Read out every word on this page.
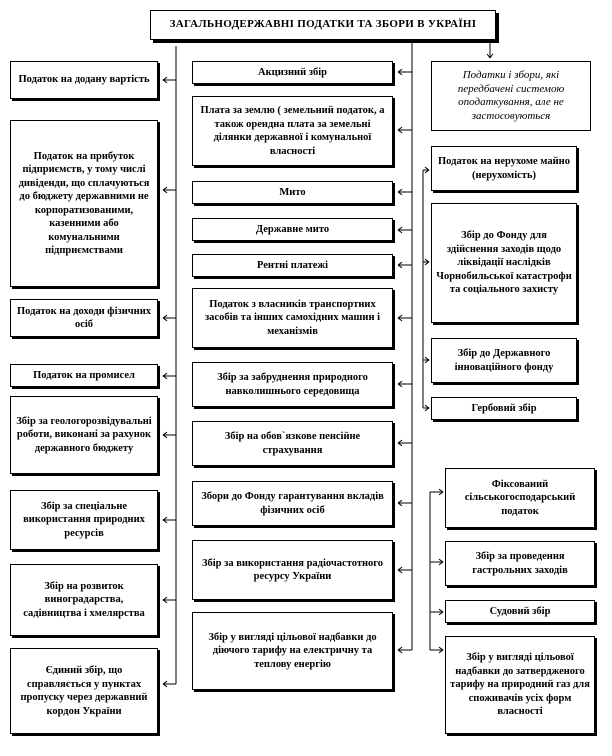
ЗАГАЛЬНОДЕРЖАВНІ ПОДАТКИ ТА ЗБОРИ В УКРАЇНІ
Податок на додану вартість
Податок на прибуток підприємств, у тому числі дивіденди, що сплачуються до бюджету державними не корпоратизованими, казенними або комунальними підприємствами
Податок на доходи фізичних осіб
Податок на промисел
Збір за геологорозвідувальні роботи, виконані за рахунок державного бюджету
Збір за спеціальне використання природних ресурсів
Збір на розвиток виноградарства, садівництва і хмелярства
Єдиний збір, що справляється у пунктах пропуску через державний кордон України
Акцизний збір
Плата за землю ( земельний податок, а також орендна плата за земельні ділянки державної і комунальної власності
Мито
Державне мито
Рентні платежі
Податок з власників транспортних засобів та інших самохідних машин і механізмів
Збір за забруднення природного навколишнього середовища
Збір на обов`язкове пенсійне страхування
Збори до Фонду гарантування вкладів фізичних осіб
Збір за використання радіочастотного ресурсу України
Збір у вигляді цільової надбавки до діючого тарифу на електричну та теплову енергію
Податки і збори, які передбачені системою оподаткування, але не застосовуються
Податок на нерухоме майно (нерухомість)
Збір до Фонду для здійснення заходів щодо ліквідації наслідків Чорнобильської катастрофи та соціального захисту
Збір до Державного інноваційного фонду
Гербовий збір
Фіксований сільськогосподарський податок
Збір за проведення гастрольних заходів
Судовий збір
Збір у вигляді цільової надбавки до затвердженого тарифу на природний газ для споживачів усіх форм власності
